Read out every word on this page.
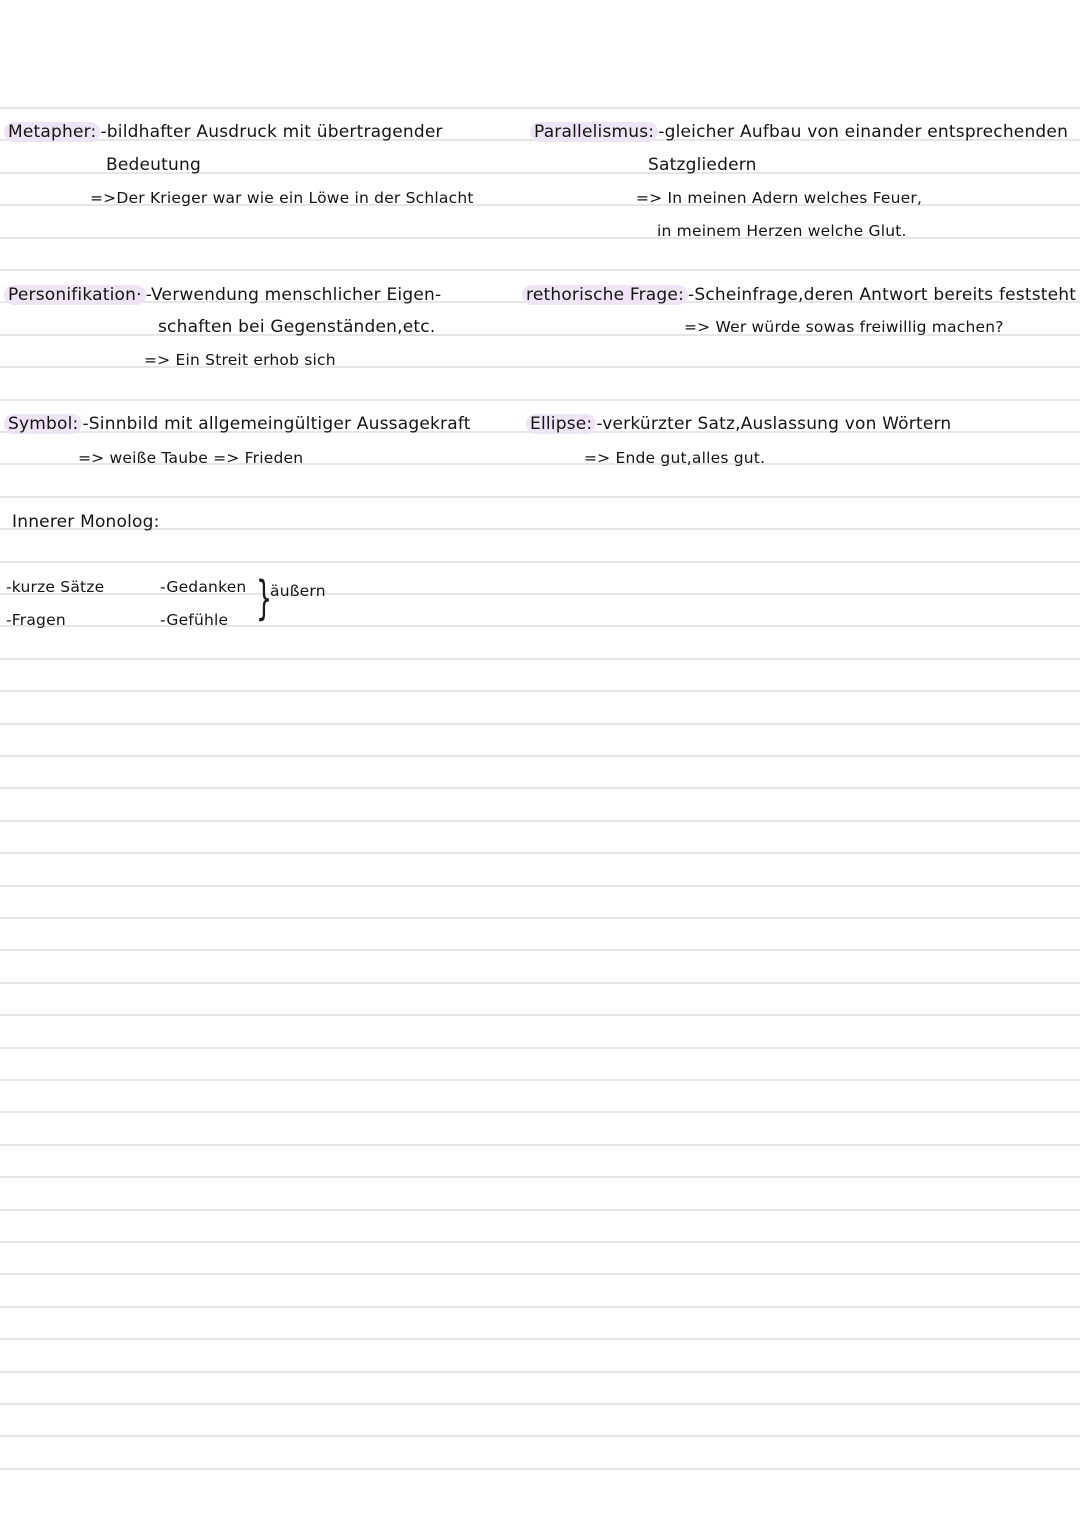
Metapher: -bildhafter Ausdruck mit übertragender
Bedeutung
=>Der Krieger war wie ein Löwe in der Schlacht
Personifikation· -Verwendung menschlicher Eigen-
schaften bei Gegenständen,etc.
=> Ein Streit erhob sich
Symbol: -Sinnbild mit allgemeingültiger Aussagekraft
=> weiße Taube => Frieden
Parallelismus: -gleicher Aufbau von einander entsprechenden
Satzgliedern
=> In meinen Adern welches Feuer,
in meinem Herzen welche Glut.
rethorische Frage: -Scheinfrage,deren Antwort bereits feststeht
=> Wer würde sowas freiwillig machen?
Ellipse: -verkürzter Satz,Auslassung von Wörtern
=> Ende gut,alles gut.
Innerer Monolog:
-kurze Sätze
-Fragen
-Gedanken
-Gefühle }
äußern
